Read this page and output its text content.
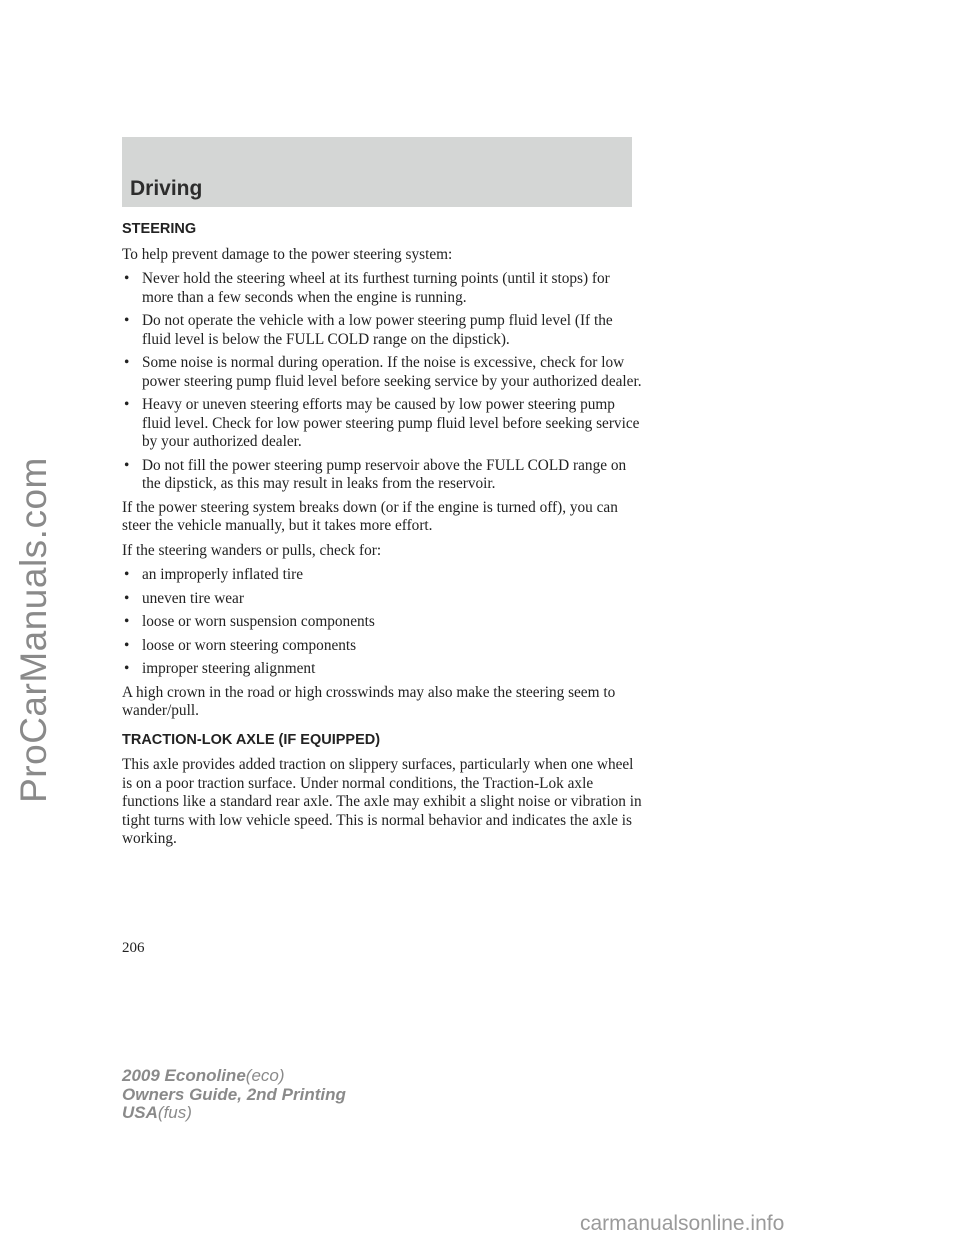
ProCarManuals.com
Driving
STEERING

To help prevent damage to the power steering system:

• Never hold the steering wheel at its furthest turning points (until it stops) for more than a few seconds when the engine is running.
• Do not operate the vehicle with a low power steering pump fluid level (If the fluid level is below the FULL COLD range on the dipstick).
• Some noise is normal during operation. If the noise is excessive, check for low power steering pump fluid level before seeking service by your authorized dealer.
• Heavy or uneven steering efforts may be caused by low power steering pump fluid level. Check for low power steering pump fluid level before seeking service by your authorized dealer.
• Do not fill the power steering pump reservoir above the FULL COLD range on the dipstick, as this may result in leaks from the reservoir.

If the power steering system breaks down (or if the engine is turned off), you can steer the vehicle manually, but it takes more effort.

If the steering wanders or pulls, check for:

• an improperly inflated tire
• uneven tire wear
• loose or worn suspension components
• loose or worn steering components
• improper steering alignment

A high crown in the road or high crosswinds may also make the steering seem to wander/pull.

TRACTION-LOK AXLE (IF EQUIPPED)

This axle provides added traction on slippery surfaces, particularly when one wheel is on a poor traction surface. Under normal conditions, the Traction-Lok axle functions like a standard rear axle. The axle may exhibit a slight noise or vibration in tight turns with low vehicle speed. This is normal behavior and indicates the axle is working.

206
2009 Econoline(eco)
Owners Guide, 2nd Printing
USA(fus)
carmanualsonline.info
